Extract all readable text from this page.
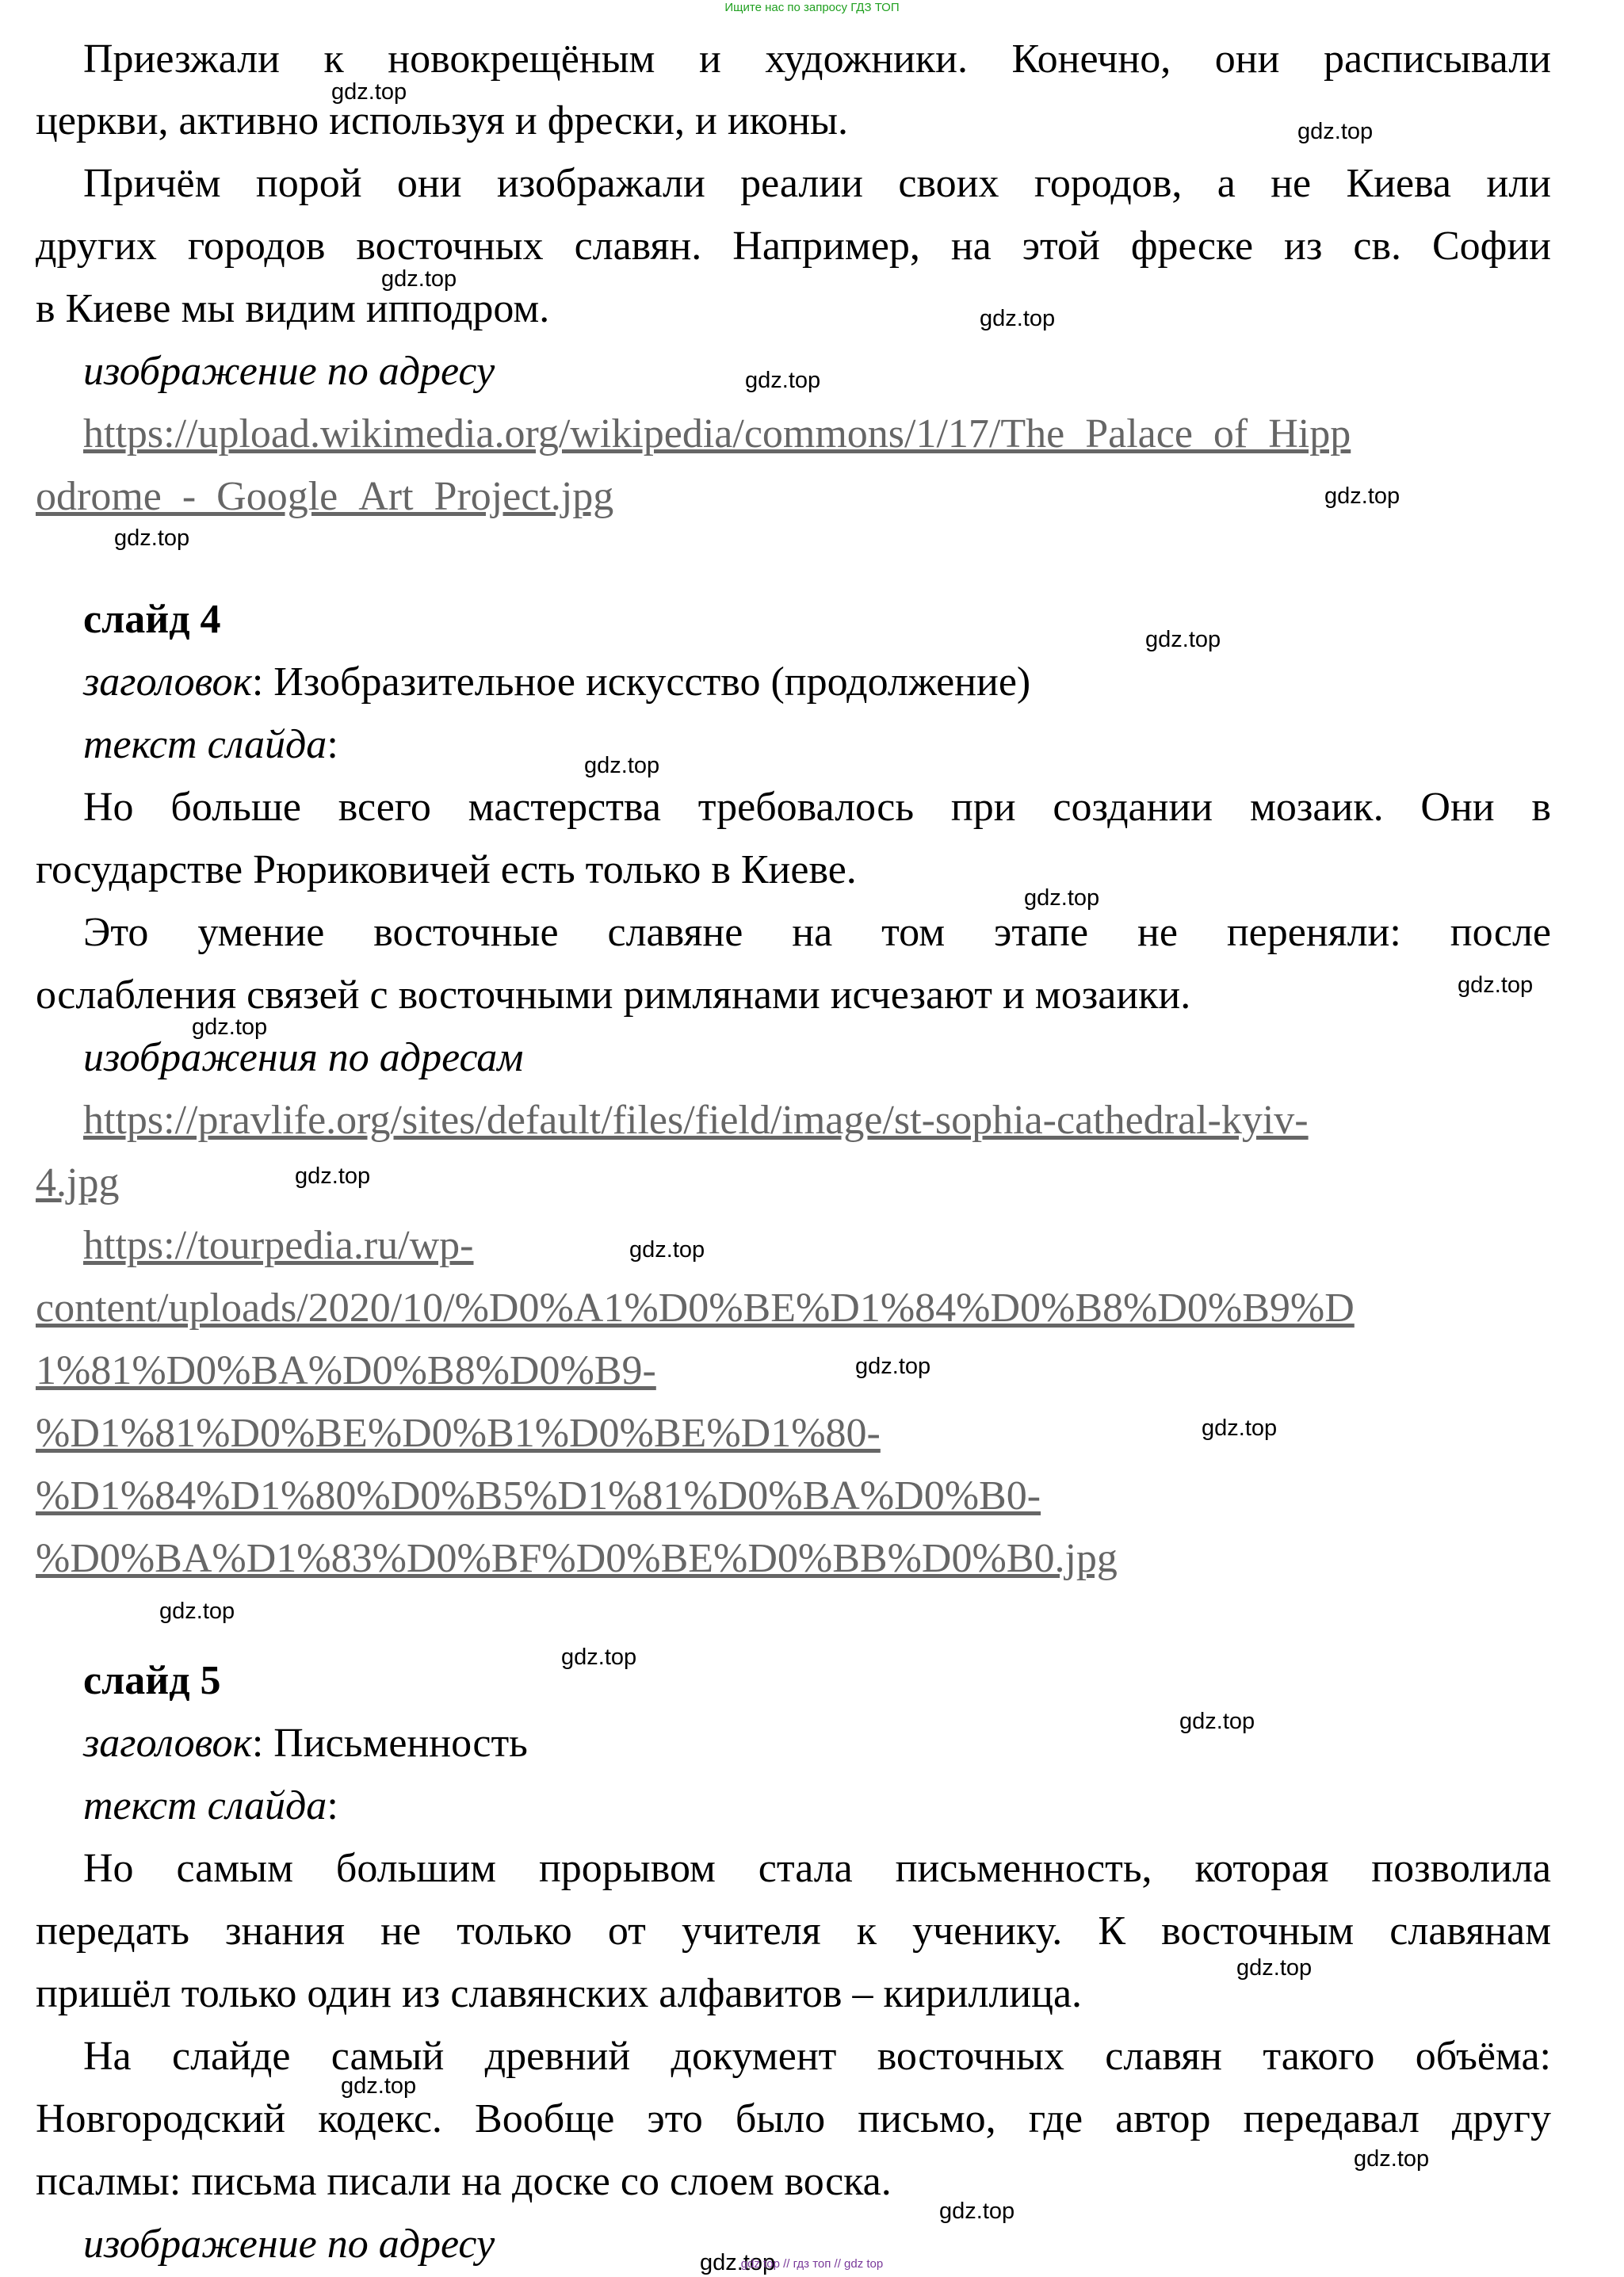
Ищите нас по запросу ГДЗ ТОП
Приезжали к новокрещёным и художники. Конечно, они расписывали
церкви, активно используя и фрески, и иконы.
Причём порой они изображали реалии своих городов, а не Киева или
других городов восточных славян. Например, на этой фреске из св. Софии
в Киеве мы видим ипподром.
изображение по адресу
https://upload.wikimedia.org/wikipedia/commons/1/17/The_Palace_of_Hipp
odrome_-_Google_Art_Project.jpg
слайд 4
заголовок: Изобразительное искусство (продолжение)
текст слайда:
Но больше всего мастерства требовалось при создании мозаик. Они в
государстве Рюриковичей есть только в Киеве.
Это умение восточные славяне на том этапе не переняли: после
ослабления связей с восточными римлянами исчезают и мозаики.
изображения по адресам
https://pravlife.org/sites/default/files/field/image/st-sophia-cathedral-kyiv-
4.jpg
https://tourpedia.ru/wp-
content/uploads/2020/10/%D0%A1%D0%BE%D1%84%D0%B8%D0%B9%D
1%81%D0%BA%D0%B8%D0%B9-
%D1%81%D0%BE%D0%B1%D0%BE%D1%80-
%D1%84%D1%80%D0%B5%D1%81%D0%BA%D0%B0-
%D0%BA%D1%83%D0%BF%D0%BE%D0%BB%D0%B0.jpg
слайд 5
заголовок: Письменность
текст слайда:
Но самым большим прорывом стала письменность, которая позволила
передать знания не только от учителя к ученику. К восточным славянам
пришёл только один из славянских алфавитов – кириллица.
На слайде самый древний документ восточных славян такого объёма:
Новгородский кодекс. Вообще это было письмо, где автор передавал другу
псалмы: письма писали на доске со слоем воска.
изображение по адресу
gdz.top
gdz.top
gdz.top
gdz.top
gdz.top
gdz.top
gdz.top
gdz.top
gdz.top
gdz.top
gdz.top
gdz.top
gdz.top
gdz.top
gdz.top
gdz.top
gdz.top
gdz.top
gdz.top
gdz.top
gdz.top
gdz.top
gdz.top
gdz.top
gdz top // гдз топ // gdz top
